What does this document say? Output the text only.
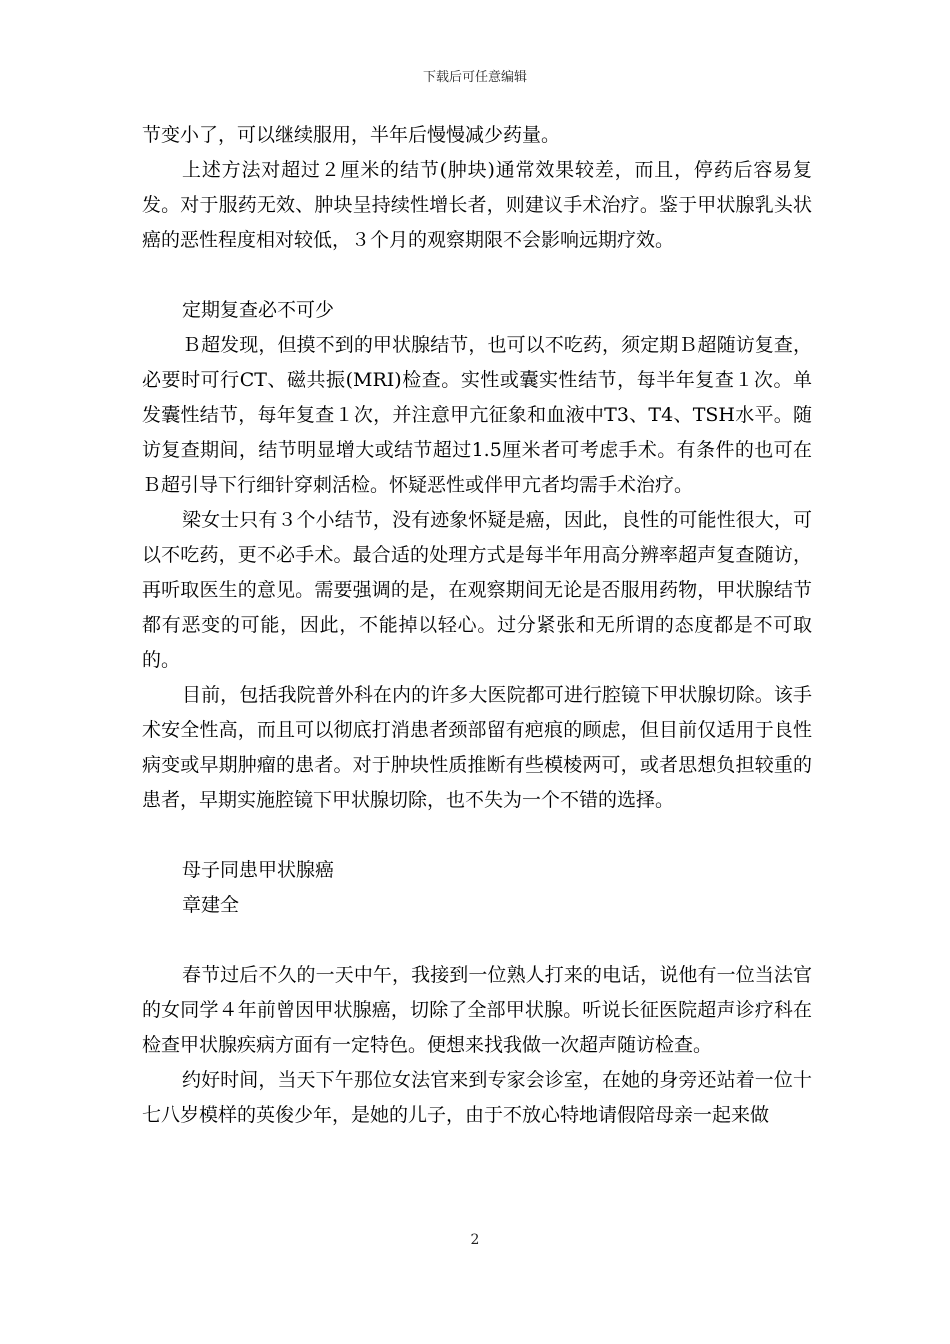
下载后可任意编辑

节变小了，可以继续服用，半年后慢慢减少药量。

上述方法对超过２厘米的结节(肿块)通常效果较差，而且，停药后容易复发。对于服药无效、肿块呈持续性增长者，则建议手术治疗。鉴于甲状腺乳头状癌的恶性程度相对较低，３个月的观察期限不会影响远期疗效。

定期复查必不可少

Ｂ超发现，但摸不到的甲状腺结节，也可以不吃药，须定期Ｂ超随访复查，必要时可行CT、磁共振(MRI)检查。实性或囊实性结节，每半年复查１次。单发囊性结节，每年复查１次，并注意甲亢征象和血液中T3、T4、TSH水平。随访复查期间，结节明显增大或结节超过1.5厘米者可考虑手术。有条件的也可在Ｂ超引导下行细针穿刺活检。怀疑恶性或伴甲亢者均需手术治疗。

梁女士只有３个小结节，没有迹象怀疑是癌，因此，良性的可能性很大，可以不吃药，更不必手术。最合适的处理方式是每半年用高分辨率超声复查随访，再听取医生的意见。需要强调的是，在观察期间无论是否服用药物，甲状腺结节都有恶变的可能，因此，不能掉以轻心。过分紧张和无所谓的态度都是不可取的。

目前，包括我院普外科在内的许多大医院都可进行腔镜下甲状腺切除。该手术安全性高，而且可以彻底打消患者颈部留有疤痕的顾虑，但目前仅适用于良性病变或早期肿瘤的患者。对于肿块性质推断有些模棱两可，或者思想负担较重的患者，早期实施腔镜下甲状腺切除，也不失为一个不错的选择。

母子同患甲状腺癌

章建全

春节过后不久的一天中午，我接到一位熟人打来的电话，说他有一位当法官的女同学４年前曾因甲状腺癌，切除了全部甲状腺。听说长征医院超声诊疗科在检查甲状腺疾病方面有一定特色。便想来找我做一次超声随访检查。

约好时间，当天下午那位女法官来到专家会诊室，在她的身旁还站着一位十七八岁模样的英俊少年，是她的儿子，由于不放心特地请假陪母亲一起来做

2
